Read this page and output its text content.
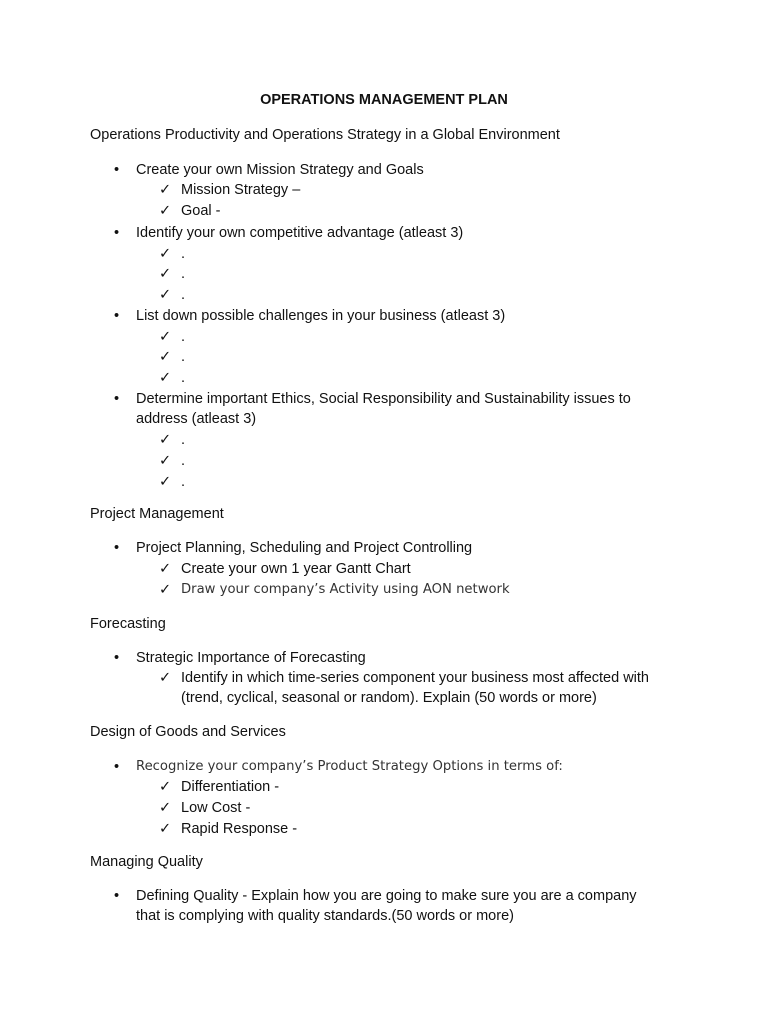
OPERATIONS MANAGEMENT PLAN
Operations Productivity and Operations Strategy in a Global Environment
•	Create your own Mission Strategy and Goals
✓ Mission Strategy –
✓ Goal -
•	Identify your own competitive advantage (atleast 3)
✓ .
✓ .
✓ .
•	List down possible challenges in your business (atleast 3)
✓ .
✓ .
✓ .
•	Determine important Ethics, Social Responsibility and Sustainability issues to
address (atleast 3)
✓ .
✓ .
✓ .
Project Management
•	Project Planning, Scheduling and Project Controlling
✓ Create your own 1 year Gantt Chart
✓ Draw your company’s Activity using AON network
Forecasting
•	Strategic Importance of Forecasting
✓ Identify in which time-series component your business most affected with
(trend, cyclical, seasonal or random). Explain (50 words or more)
Design of Goods and Services
•	Recognize your company’s Product Strategy Options in terms of:
✓ Differentiation -
✓ Low Cost -
✓ Rapid Response -
Managing Quality
•	Defining Quality - Explain how you are going to make sure you are a company
that is complying with quality standards.(50 words or more)
